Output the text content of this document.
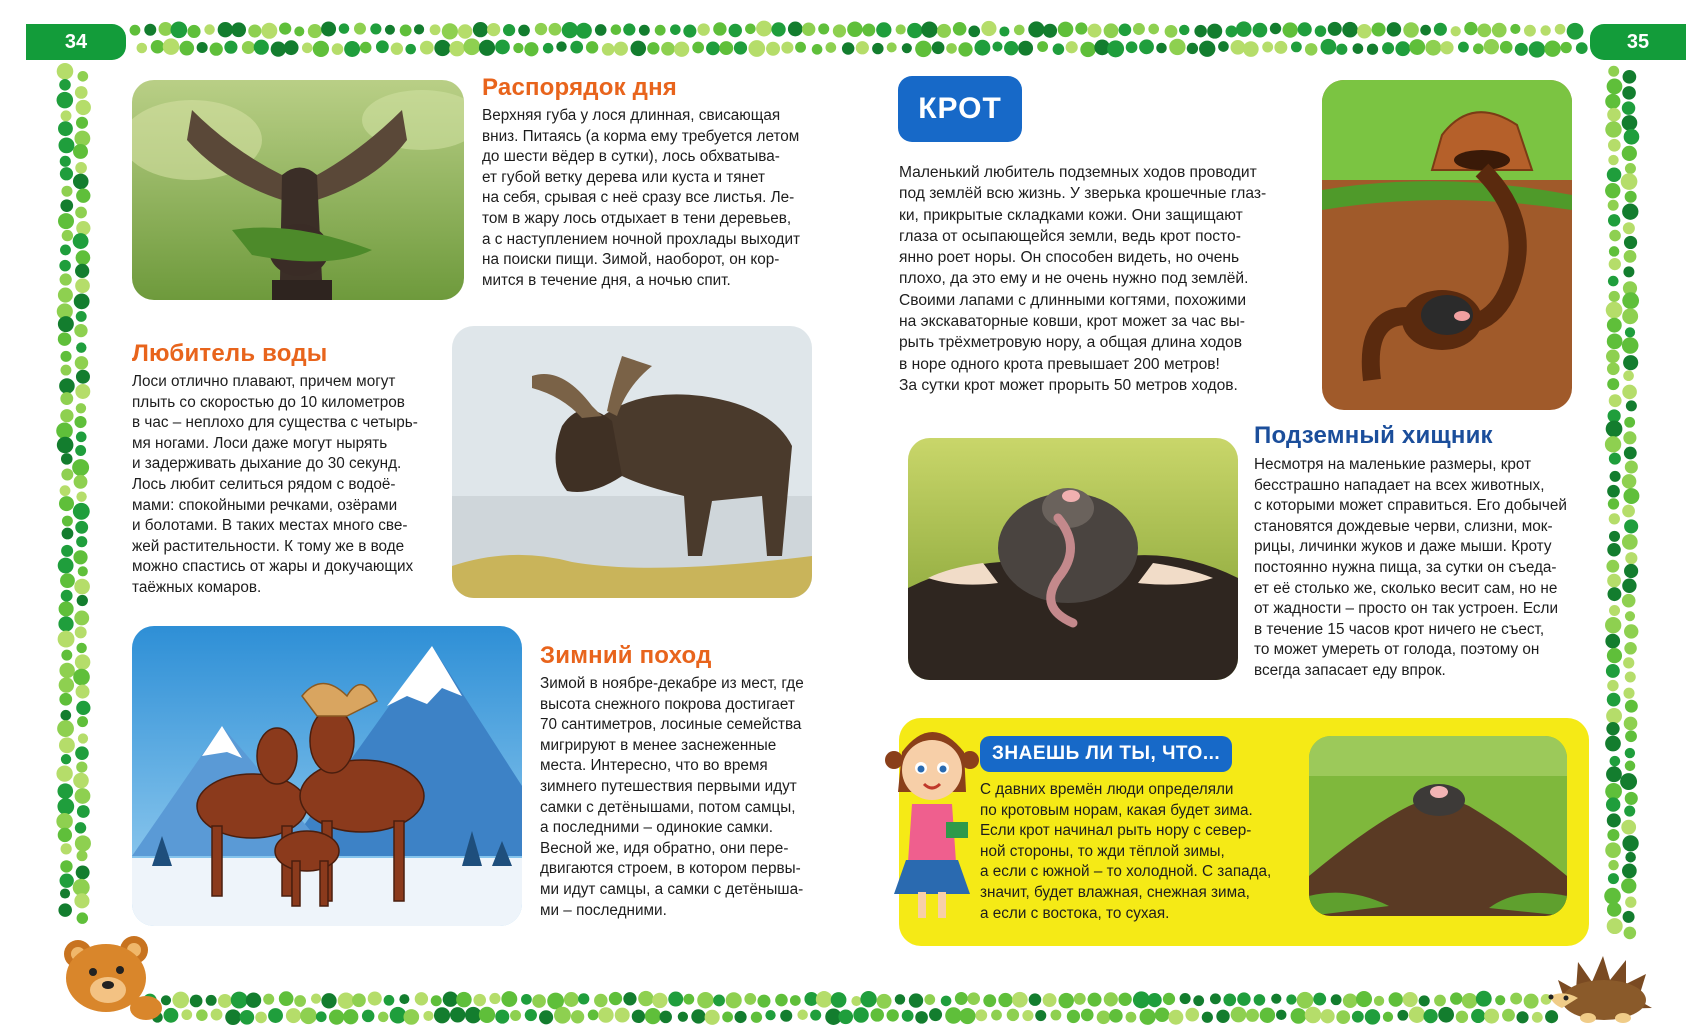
34	35
Распорядок дня
Верхняя губа у лося длинная, свисающая
вниз. Питаясь (а корма ему требуется летом
до шести вёдер в сутки), лось обхватыва-
ет губой ветку дерева или куста и тянет
на себя, срывая с неё сразу все листья. Ле-
том в жару лось отдыхает в тени деревьев,
а с наступлением ночной прохлады выходит
на поиски пищи. Зимой, наоборот, он кор-
мится в течение дня, а ночью спит.
Любитель воды
Лоси отлично плавают, причем могут
плыть со скоростью до 10 километров
в час – неплохо для существа с четырь-
мя ногами. Лоси даже могут нырять
и задерживать дыхание до 30 секунд.
Лось любит селиться рядом с водоё-
мами: спокойными речками, озёрами
и болотами. В таких местах много све-
жей растительности. К тому же в воде
можно спастись от жары и докучающих
таёжных комаров.
Зимний поход
Зимой в ноябре-декабре из мест, где
высота снежного покрова достигает
70 сантиметров, лосиные семейства
мигрируют в менее заснеженные
места. Интересно, что во время
зимнего путешествия первыми идут
самки с детёнышами, потом самцы,
а последними – одинокие самки.
Весной же, идя обратно, они пере-
двигаются строем, в котором первы-
ми идут самцы, а самки с детёныша-
ми – последними.
КРОТ
Маленький любитель подземных ходов проводит
под землёй всю жизнь. У зверька крошечные глаз-
ки, прикрытые складками кожи. Они защищают
глаза от осыпающейся земли, ведь крот посто-
янно роет норы. Он способен видеть, но очень
плохо, да это ему и не очень нужно под землёй.
Своими лапами с длинными когтями, похожими
на экскаваторные ковши, крот может за час вы-
рыть трёхметровую нору, а общая длина ходов
в норе одного крота превышает 200 метров!
За сутки крот может прорыть 50 метров ходов.
Подземный хищник
Несмотря на маленькие размеры, крот
бесстрашно нападает на всех животных,
с которыми может справиться. Его добычей
становятся дождевые черви, слизни, мок-
рицы, личинки жуков и даже мыши. Кроту
постоянно нужна пища, за сутки он съеда-
ет её столько же, сколько весит сам, но не
от жадности – просто он так устроен. Если
в течение 15 часов крот ничего не съест,
то может умереть от голода, поэтому он
всегда запасает еду впрок.
ЗНАЕШЬ ЛИ ТЫ, ЧТО...
С давних времён люди определяли
по кротовым норам, какая будет зима.
Если крот начинал рыть нору с север-
ной стороны, то жди тёплой зимы,
а если с южной – то холодной. С запада,
значит, будет влажная, снежная зима,
а если с востока, то сухая.
